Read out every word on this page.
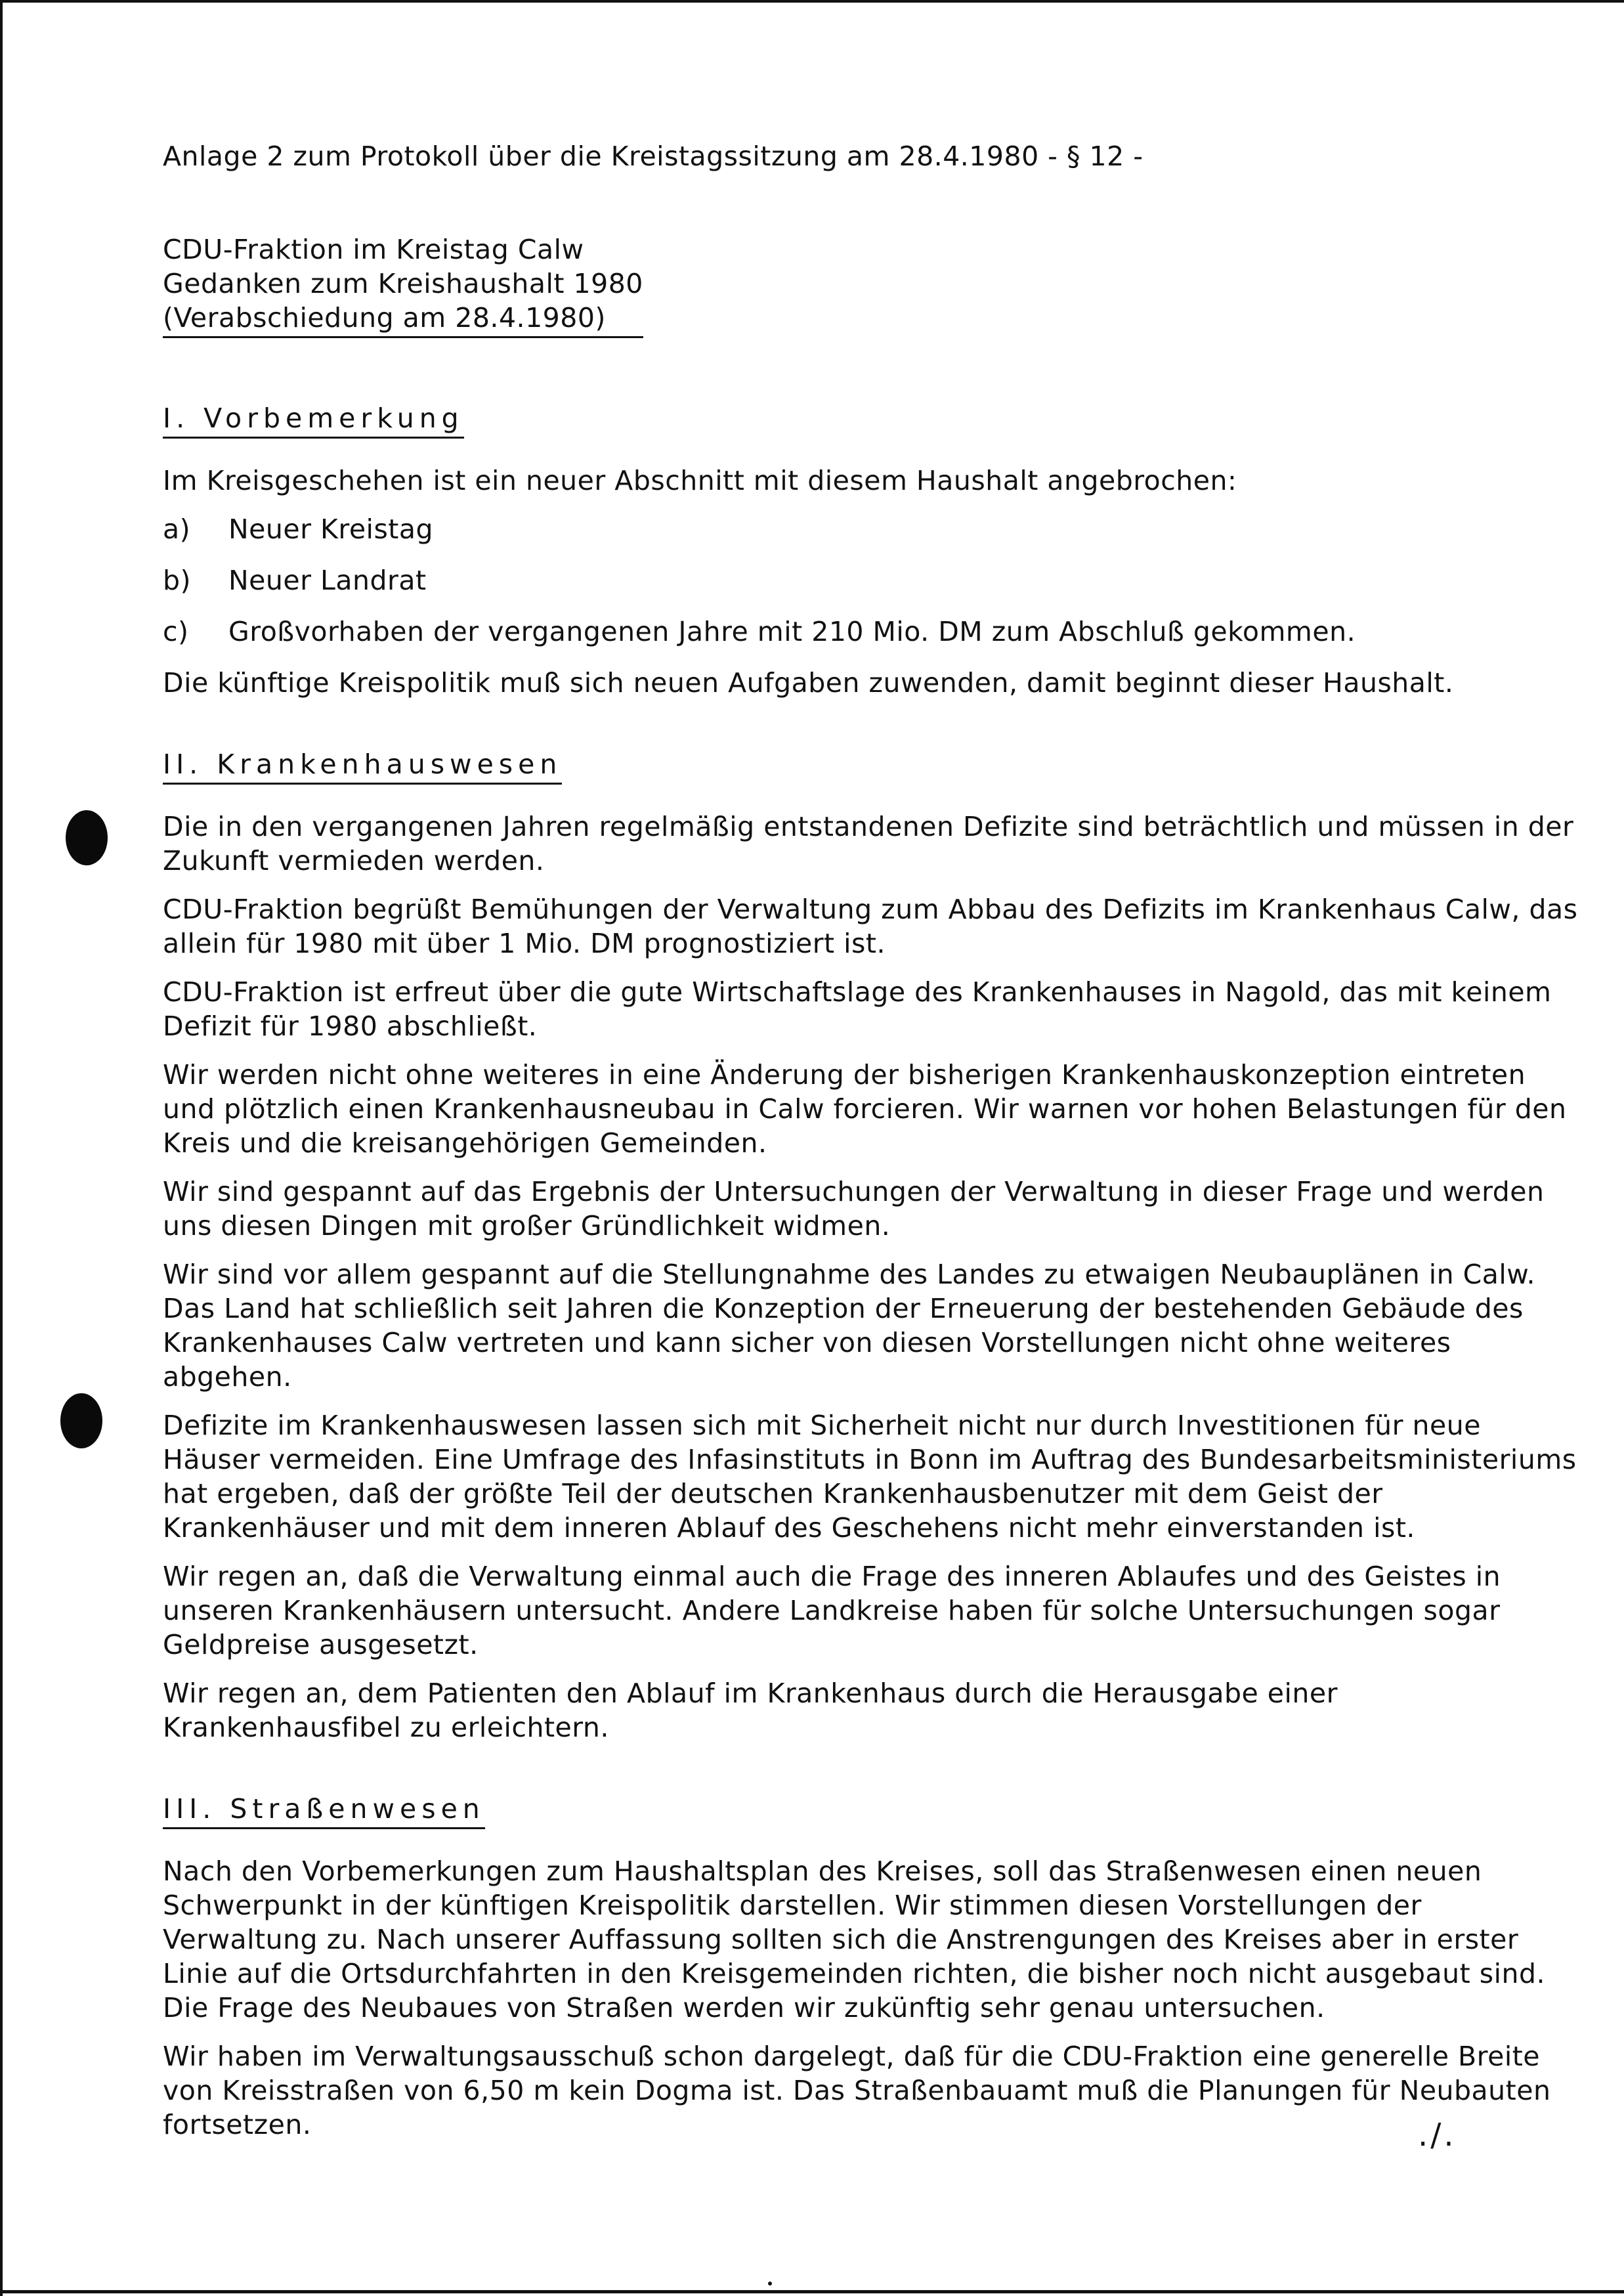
Anlage 2 zum Protokoll über die Kreistagssitzung am 28.4.1980 - § 12 -
CDU-Fraktion im Kreistag Calw
Gedanken zum Kreishaushalt 1980
(Verabschiedung am 28.4.1980)
I. Vorbemerkung

Im Kreisgeschehen ist ein neuer Abschnitt mit diesem Haushalt angebrochen:

a)	Neuer Kreistag
b)	Neuer Landrat
c)	Großvorhaben der vergangenen Jahre mit 210 Mio. DM zum Abschluß gekommen.

Die künftige Kreispolitik muß sich neuen Aufgaben zuwenden, damit beginnt dieser Haushalt.

II. Krankenhauswesen

Die in den vergangenen Jahren regelmäßig entstandenen Defizite sind beträchtlich und müssen in der Zukunft vermieden werden.

CDU-Fraktion begrüßt Bemühungen der Verwaltung zum Abbau des Defizits im Krankenhaus Calw, das allein für 1980 mit über 1 Mio. DM prognostiziert ist.

CDU-Fraktion ist erfreut über die gute Wirtschaftslage des Krankenhauses in Nagold, das mit keinem Defizit für 1980 abschließt.

Wir werden nicht ohne weiteres in eine Änderung der bisherigen Krankenhauskonzeption eintreten und plötzlich einen Krankenhausneubau in Calw forcieren. Wir warnen vor hohen Belastungen für den Kreis und die kreisangehörigen Gemeinden.

Wir sind gespannt auf das Ergebnis der Untersuchungen der Verwaltung in dieser Frage und werden uns diesen Dingen mit großer Gründlichkeit widmen.

Wir sind vor allem gespannt auf die Stellungnahme des Landes zu etwaigen Neubauplänen in Calw. Das Land hat schließlich seit Jahren die Konzeption der Erneuerung der bestehenden Gebäude des Krankenhauses Calw vertreten und kann sicher von diesen Vorstellungen nicht ohne weiteres abgehen.

Defizite im Krankenhauswesen lassen sich mit Sicherheit nicht nur durch Investitionen für neue Häuser vermeiden. Eine Umfrage des Infasinstituts in Bonn im Auftrag des Bundesarbeitsministeriums hat ergeben, daß der größte Teil der deutschen Krankenhausbenutzer mit dem Geist der Krankenhäuser und mit dem inneren Ablauf des Geschehens nicht mehr einverstanden ist.

Wir regen an, daß die Verwaltung einmal auch die Frage des inneren Ablaufes und des Geistes in unseren Krankenhäusern untersucht. Andere Landkreise haben für solche Untersuchungen sogar Geldpreise ausgesetzt.

Wir regen an, dem Patienten den Ablauf im Krankenhaus durch die Herausgabe einer Krankenhausfibel zu erleichtern.

III. Straßenwesen

Nach den Vorbemerkungen zum Haushaltsplan des Kreises, soll das Straßenwesen einen neuen Schwerpunkt in der künftigen Kreispolitik darstellen. Wir stimmen diesen Vorstellungen der Verwaltung zu. Nach unserer Auffassung sollten sich die Anstrengungen des Kreises aber in erster Linie auf die Ortsdurchfahrten in den Kreisgemeinden richten, die bisher noch nicht ausgebaut sind. Die Frage des Neubaues von Straßen werden wir zukünftig sehr genau untersuchen.

Wir haben im Verwaltungsausschuß schon dargelegt, daß für die CDU-Fraktion eine generelle Breite von Kreisstraßen von 6,50 m kein Dogma ist. Das Straßenbauamt muß die Planungen für Neubauten fortsetzen.	./.
